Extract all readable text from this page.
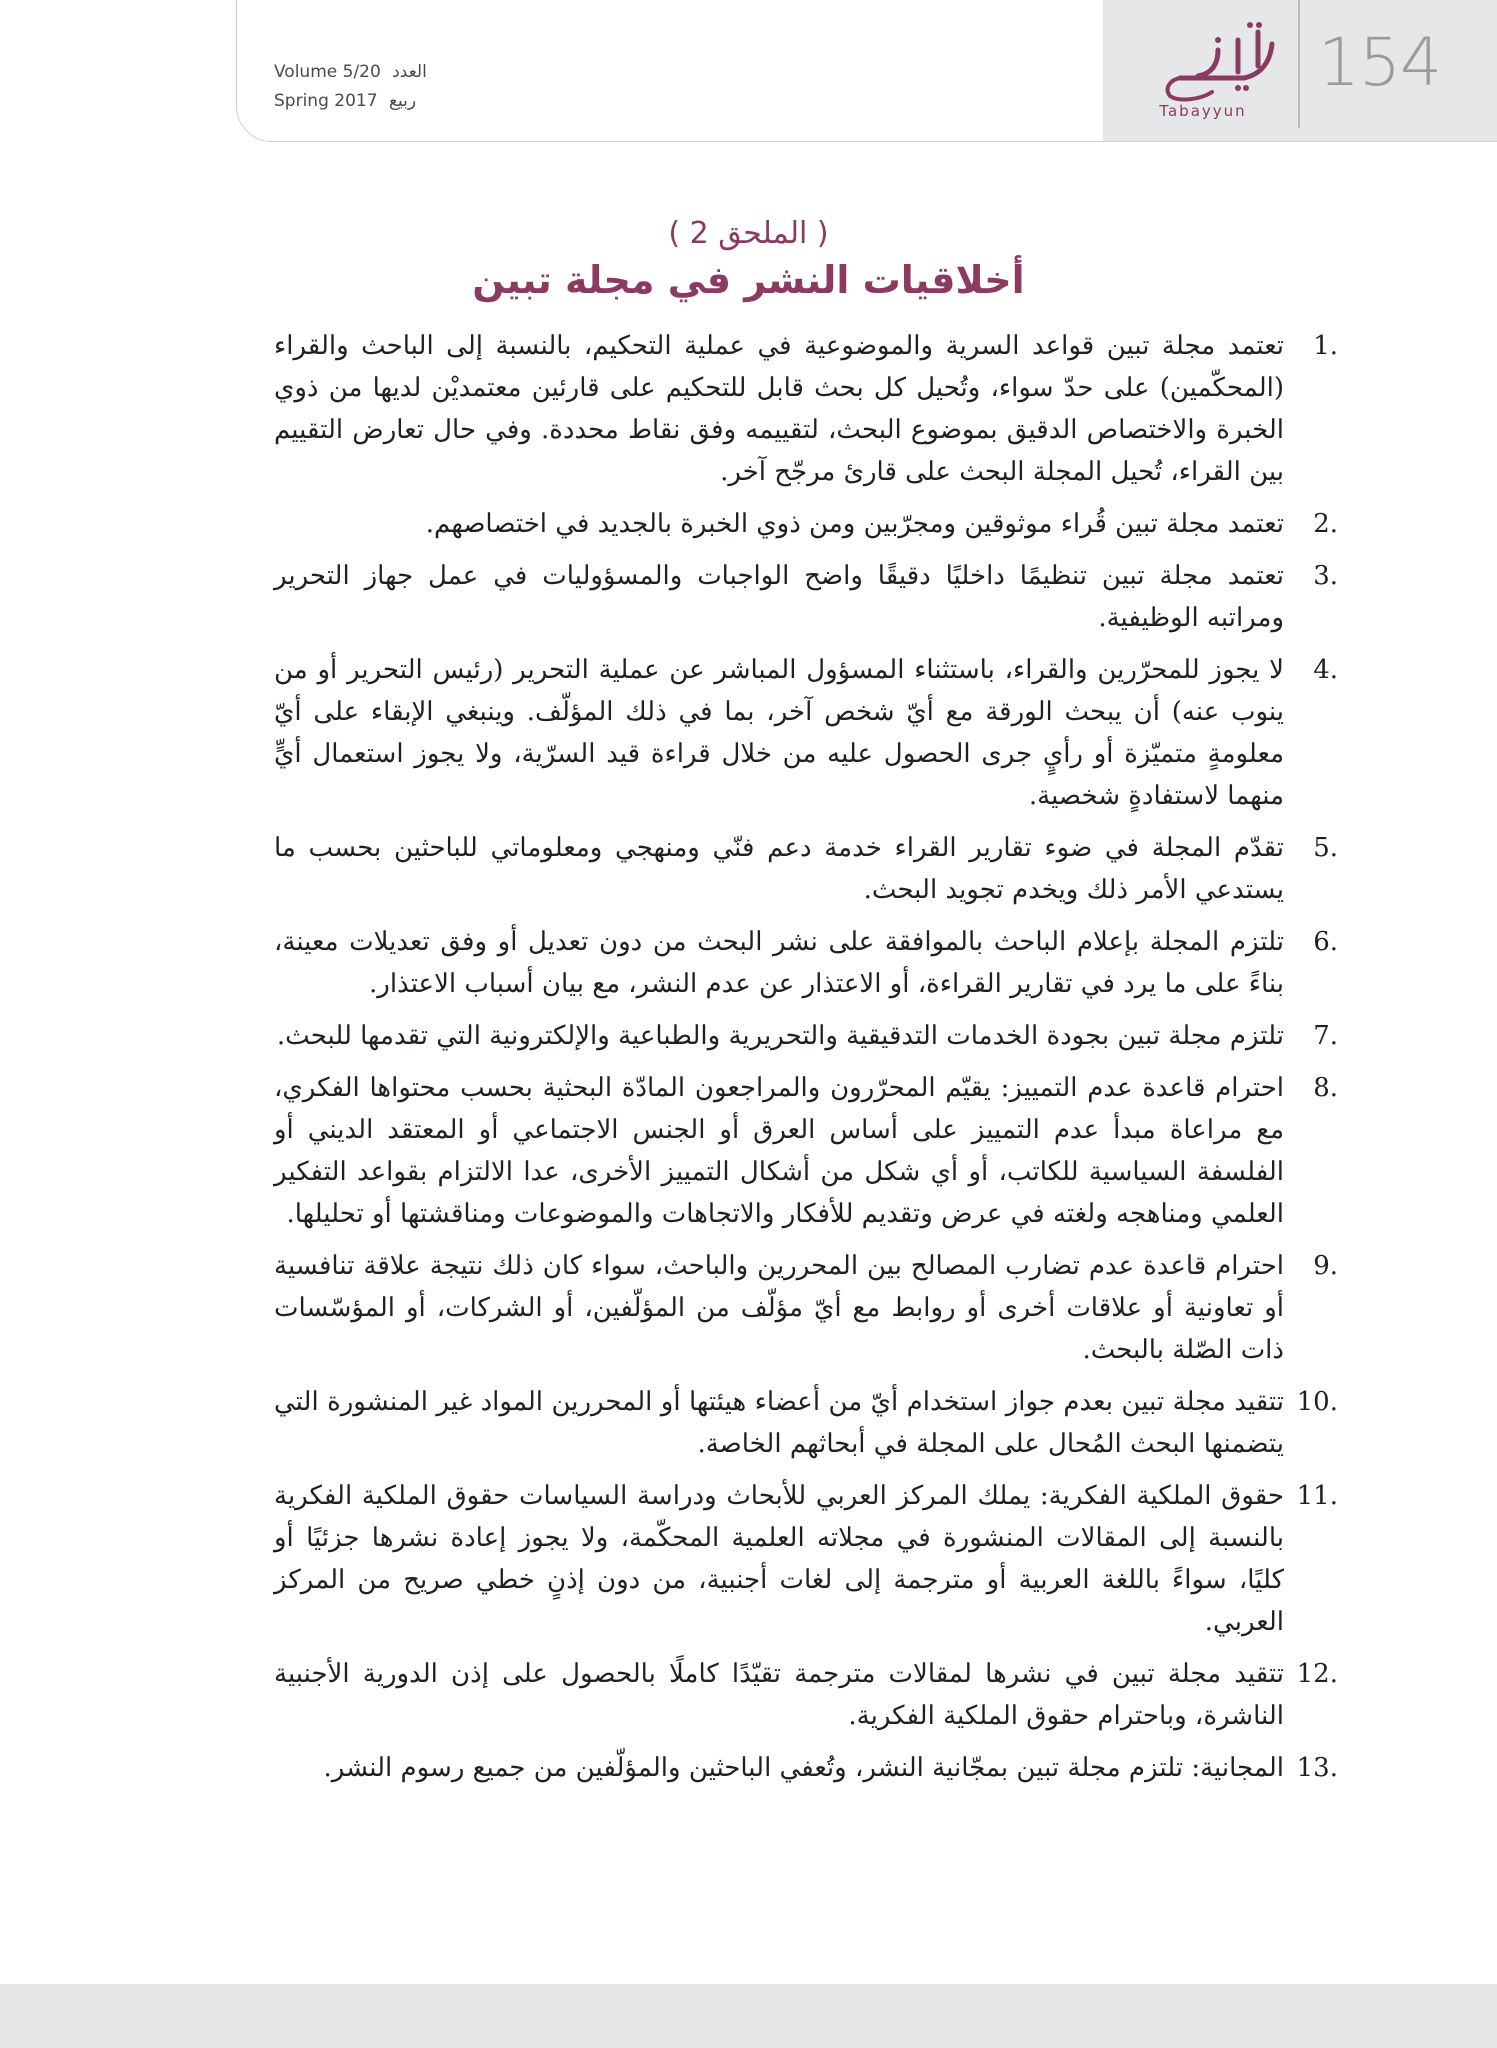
154
Tabayyun
Volume 5/20 العدد
Spring 2017 ربيع
( الملحق 2 )
أخلاقيات النشر في مجلة تبين
1.
تعتمد مجلة تبين قواعد السرية والموضوعية في عملية التحكيم، بالنسبة إلى الباحث والقراء (المحكّمين) على حدّ سواء، وتُحيل كل بحث قابل للتحكيم على قارئين معتمديْن لديها من ذوي الخبرة والاختصاص الدقيق بموضوع البحث، لتقييمه وفق نقاط محددة. وفي حال تعارض التقييم بين القراء، تُحيل المجلة البحث على قارئ مرجّح آخر.
2.
تعتمد مجلة تبين قُراء موثوقين ومجرّبين ومن ذوي الخبرة بالجديد في اختصاصهم.
3.
تعتمد مجلة تبين تنظيمًا داخليًا دقيقًا واضح الواجبات والمسؤوليات في عمل جهاز التحرير ومراتبه الوظيفية.
4.
لا يجوز للمحرّرين والقراء، باستثناء المسؤول المباشر عن عملية التحرير (رئيس التحرير أو من ينوب عنه) أن يبحث الورقة مع أيّ شخص آخر، بما في ذلك المؤلّف. وينبغي الإبقاء على أيّ معلومةٍ متميّزة أو رأيٍ جرى الحصول عليه من خلال قراءة قيد السرّية، ولا يجوز استعمال أيٍّ منهما لاستفادةٍ شخصية.
5.
تقدّم المجلة في ضوء تقارير القراء خدمة دعم فنّي ومنهجي ومعلوماتي للباحثين بحسب ما يستدعي الأمر ذلك ويخدم تجويد البحث.
6.
تلتزم المجلة بإعلام الباحث بالموافقة على نشر البحث من دون تعديل أو وفق تعديلات معينة، بناءً على ما يرد في تقارير القراءة، أو الاعتذار عن عدم النشر، مع بيان أسباب الاعتذار.
7.
تلتزم مجلة تبين بجودة الخدمات التدقيقية والتحريرية والطباعية والإلكترونية التي تقدمها للبحث.
8.
احترام قاعدة عدم التمييز: يقيّم المحرّرون والمراجعون المادّة البحثية بحسب محتواها الفكري، مع مراعاة مبدأ عدم التمييز على أساس العرق أو الجنس الاجتماعي أو المعتقد الديني أو الفلسفة السياسية للكاتب، أو أي شكل من أشكال التمييز الأخرى، عدا الالتزام بقواعد التفكير العلمي ومناهجه ولغته في عرض وتقديم للأفكار والاتجاهات والموضوعات ومناقشتها أو تحليلها.
9.
احترام قاعدة عدم تضارب المصالح بين المحررين والباحث، سواء كان ذلك نتيجة علاقة تنافسية أو تعاونية أو علاقات أخرى أو روابط مع أيّ مؤلّف من المؤلّفين، أو الشركات، أو المؤسّسات ذات الصّلة بالبحث.
10.
تتقيد مجلة تبين بعدم جواز استخدام أيّ من أعضاء هيئتها أو المحررين المواد غير المنشورة التي يتضمنها البحث المُحال على المجلة في أبحاثهم الخاصة.
11.
حقوق الملكية الفكرية: يملك المركز العربي للأبحاث ودراسة السياسات حقوق الملكية الفكرية بالنسبة إلى المقالات المنشورة في مجلاته العلمية المحكّمة، ولا يجوز إعادة نشرها جزئيًا أو كليًا، سواءً باللغة العربية أو مترجمة إلى لغات أجنبية، من دون إذنٍ خطي صريح من المركز العربي.
12.
تتقيد مجلة تبين في نشرها لمقالات مترجمة تقيّدًا كاملًا بالحصول على إذن الدورية الأجنبية الناشرة، وباحترام حقوق الملكية الفكرية.
13.
المجانية: تلتزم مجلة تبين بمجّانية النشر، وتُعفي الباحثين والمؤلّفين من جميع رسوم النشر.
